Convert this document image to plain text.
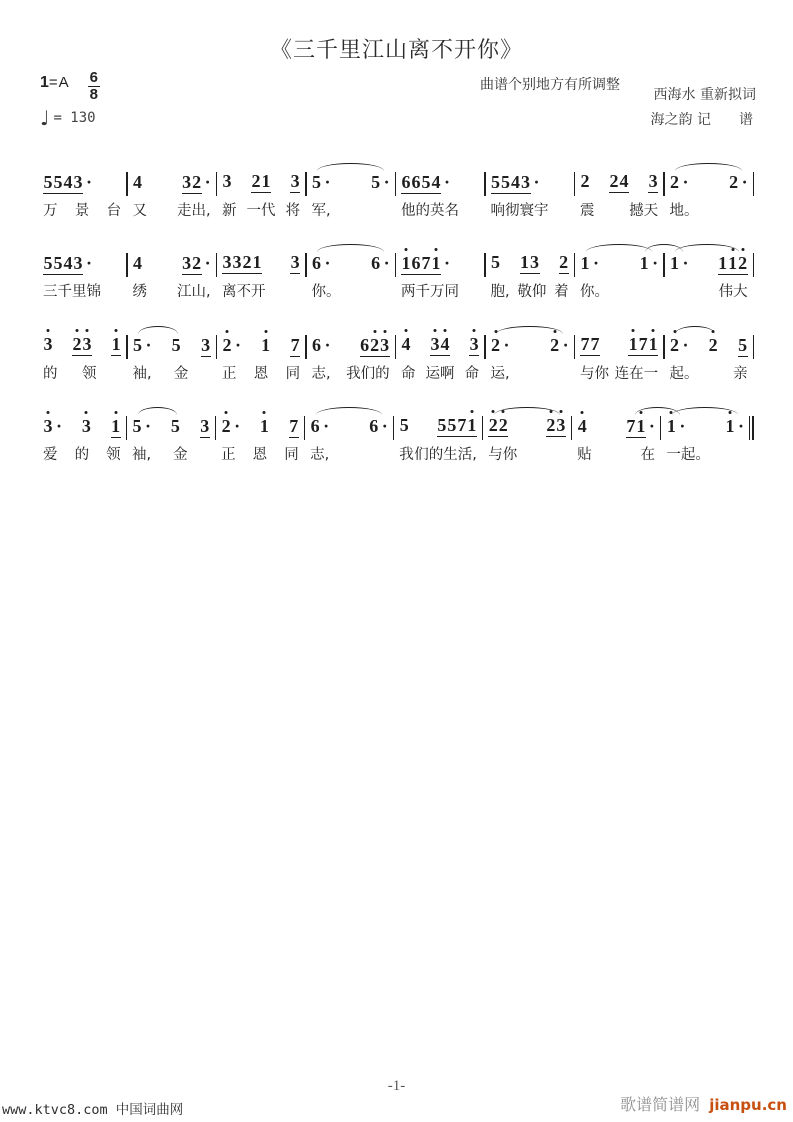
《三千里江山离不开你》
曲谱个别地方有所调整
西海水 重新拟词
海之韵 记　　谱
$1 =A \frac{6}{8}$
♩ = 130
5 5 4 3 ·
万 景 台
4 3 2 ·
又 走出,
3 2 1 3
新 一代 将
5 · 5 ·
军,
6 6 5 4 ·
他的英名
5 5 4 3 ·
响彻寰宇
2 2 4 3
震 撼天
2 · 2 ·
地。
5 5 4 3 ·
三千里锦
4 3 2 ·
绣 江山,
3 3 2 1 3
离不开
6 · 6 ·
你。
1 6 7 1 ·
两千万同
5 1 3 2
胞, 敬仰 着
1 · 1 ·
你。
1 · 1 1 2
伟大
3 2 3 1
的 领
5 · 5 3
袖, 金
2 · 1 7
正 恩 同
6 · 6 2 3
志, 我们的
4 3 4 3
命 运啊 命
2 · 2 ·
运,
7 7 1 7 1
与你 连在一
2 · 2 5
起。 亲
3 · 3 1
爱 的 领
5 · 5 3
袖, 金
2 · 1 7
正 恩 同
6 · 6 ·
志,
5 5 5 7 1
我 们的生活,
2 2 2 3
与你
4 7 1 ·
贴	在
1 · 1 ·
一起。
-1-
www.ktvc8.com 中国词曲网	歌谱简谱网 jianpu.cn
